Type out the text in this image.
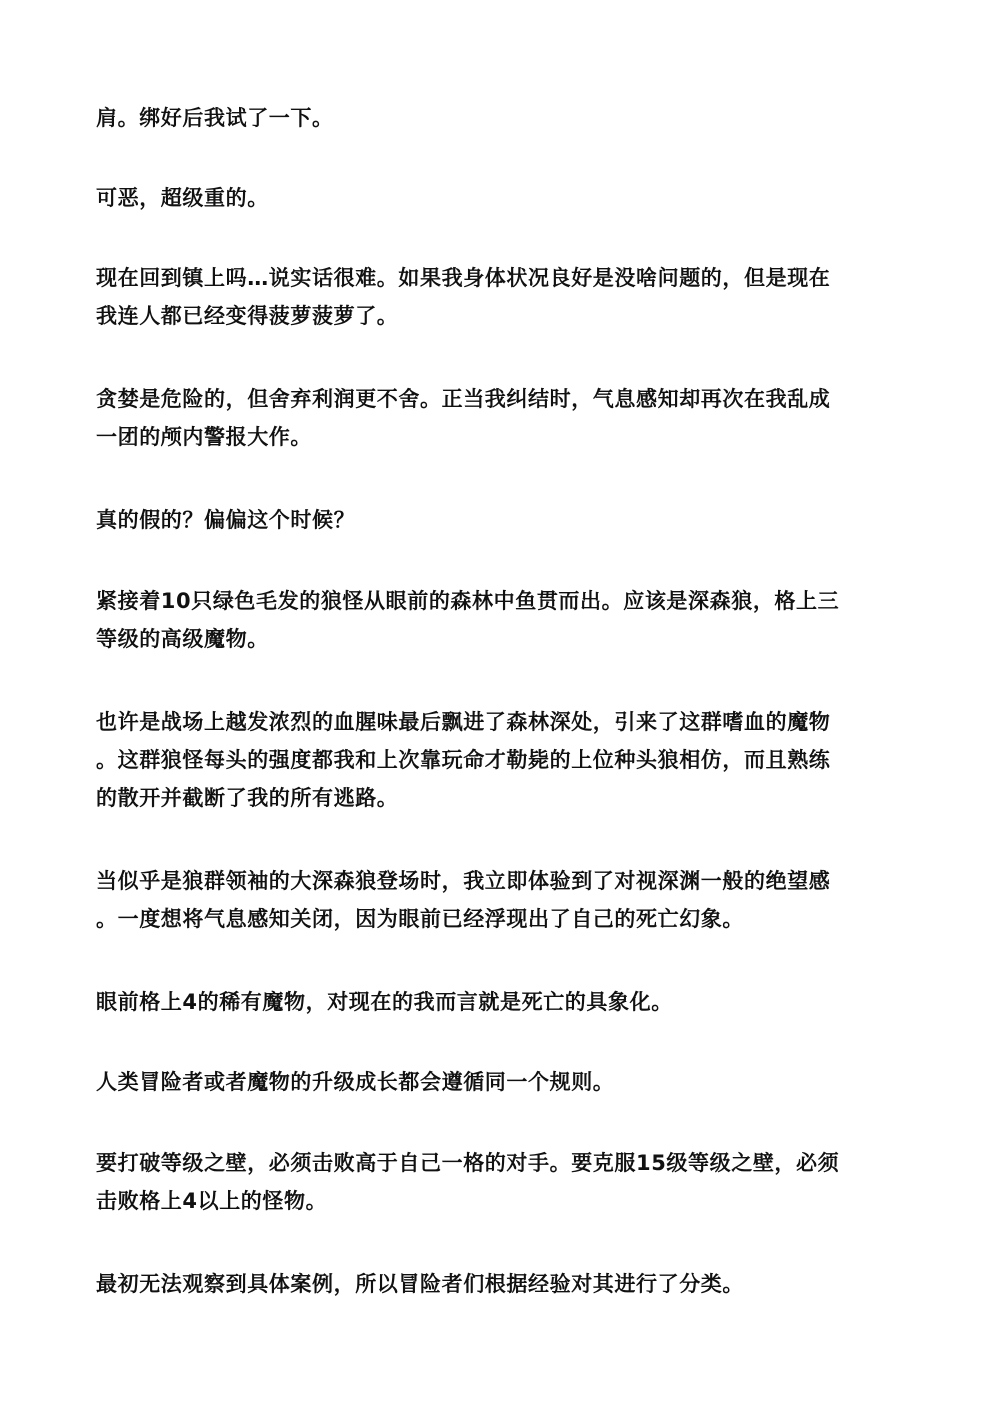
肩。绑好后我试了一下。

可恶，超级重的。

现在回到镇上吗…说实话很难。如果我身体状况良好是没啥问题的，但是现在
我连人都已经变得菠萝菠萝了。

贪婪是危险的，但舍弃利润更不舍。正当我纠结时，气息感知却再次在我乱成
一团的颅内警报大作。

真的假的？偏偏这个时候？

紧接着10只绿色毛发的狼怪从眼前的森林中鱼贯而出。应该是深森狼，格上三
等级的高级魔物。

也许是战场上越发浓烈的血腥味最后飘进了森林深处，引来了这群嗜血的魔物
。这群狼怪每头的强度都我和上次靠玩命才勒毙的上位种头狼相仿，而且熟练
的散开并截断了我的所有逃路。

当似乎是狼群领袖的大深森狼登场时，我立即体验到了对视深渊一般的绝望感
。一度想将气息感知关闭，因为眼前已经浮现出了自己的死亡幻象。

眼前格上4的稀有魔物，对现在的我而言就是死亡的具象化。

人类冒险者或者魔物的升级成长都会遵循同一个规则。

要打破等级之壁，必须击败高于自己一格的对手。要克服15级等级之壁，必须
击败格上4以上的怪物。

最初无法观察到具体案例，所以冒险者们根据经验对其进行了分类。
